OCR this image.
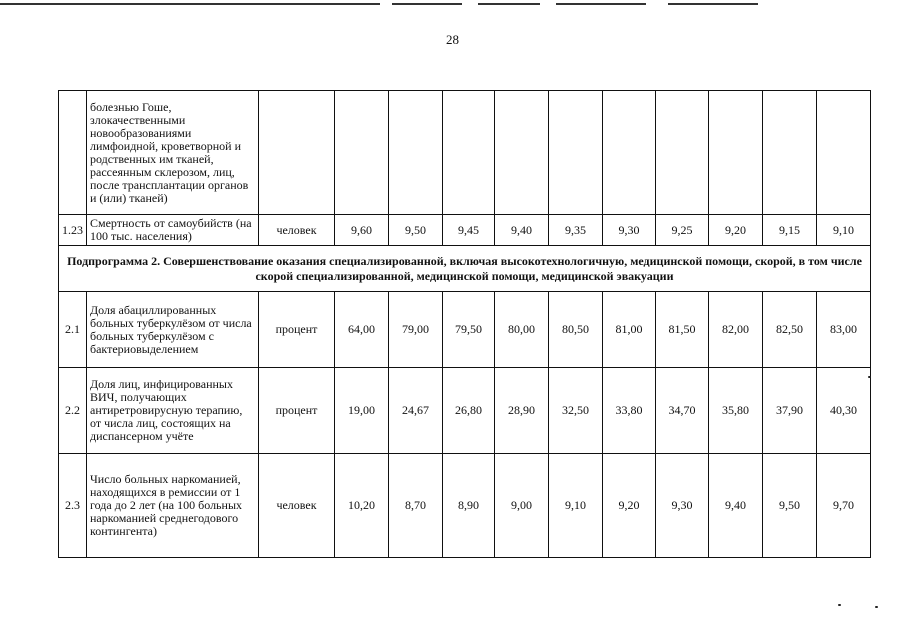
28
	болезнью Гоше, злокачественными новообразованиями лимфоидной, кроветворной и родственных им тканей, рассеянным склерозом, лиц, после трансплантации органов и (или) тканей)											
1.23	Смертность от самоубийств (на 100 тыс. населения)	человек	9,60	9,50	9,45	9,40	9,35	9,30	9,25	9,20	9,15	9,10
Подпрограмма 2. Совершенствование оказания специализированной, включая высокотехнологичную, медицинской помощи, скорой, в том числе скорой специализированной, медицинской помощи, медицинской эвакуации												
2.1	Доля абациллированных больных туберкулёзом от числа больных туберкулёзом с бактериовыделением	процент	64,00	79,00	79,50	80,00	80,50	81,00	81,50	82,00	82,50	83,00
2.2	Доля лиц, инфицированных ВИЧ, получающих антиретровирусную терапию, от числа лиц, состоящих на диспансерном учёте	процент	19,00	24,67	26,80	28,90	32,50	33,80	34,70	35,80	37,90	40,30
2.3	Число больных наркоманией, находящихся в ремиссии от 1 года до 2 лет (на 100 больных наркоманией среднегодового контингента)	человек	10,20	8,70	8,90	9,00	9,10	9,20	9,30	9,40	9,50	9,70
